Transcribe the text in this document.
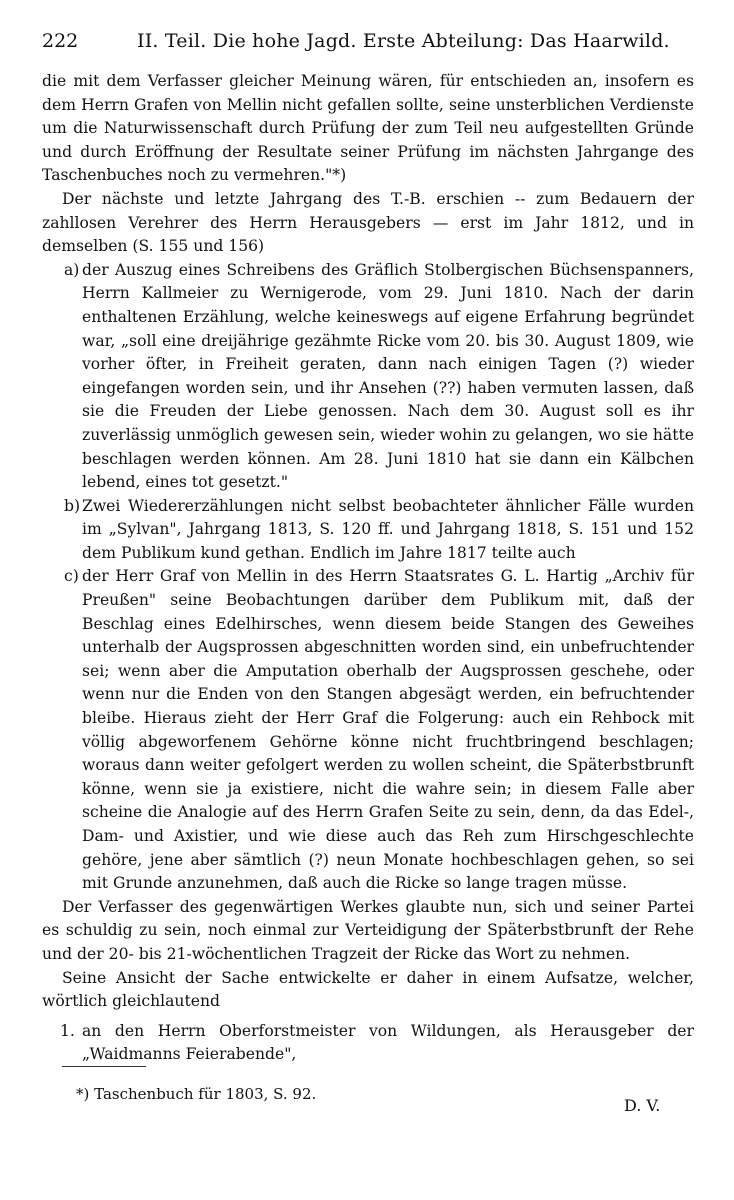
222	II. Teil. Die hohe Jagd. Erste Abteilung: Das Haarwild.

die mit dem Verfasser gleicher Meinung wären, für entschieden an, insofern es dem Herrn Grafen von Mellin nicht gefallen sollte, seine unsterblichen Verdienste um die Naturwissenschaft durch Prüfung der zum Teil neu aufgestellten Gründe und durch Eröffnung der Resultate seiner Prüfung im nächsten Jahrgange des Taschenbuches noch zu vermehren."*)

Der nächste und letzte Jahrgang des T.-B. erschien -- zum Bedauern der zahllosen Verehrer des Herrn Herausgebers — erst im Jahr 1812, und in demselben (S. 155 und 156)

a) der Auszug eines Schreibens des Gräflich Stolbergischen Büchsenspanners, Herrn Kallmeier zu Wernigerode, vom 29. Juni 1810. Nach der darin enthaltenen Erzählung, welche keineswegs auf eigene Erfahrung begründet war, „soll eine dreijährige gezähmte Ricke vom 20. bis 30. August 1809, wie vorher öfter, in Freiheit geraten, dann nach einigen Tagen (?) wieder eingefangen worden sein, und ihr Ansehen (??) haben vermuten lassen, daß sie die Freuden der Liebe genossen. Nach dem 30. August soll es ihr zuverlässig unmöglich gewesen sein, wieder wohin zu gelangen, wo sie hätte beschlagen werden können. Am 28. Juni 1810 hat sie dann ein Kälbchen lebend, eines tot gesetzt."
b) Zwei Wiedererzählungen nicht selbst beobachteter ähnlicher Fälle wurden im „Sylvan", Jahrgang 1813, S. 120 ff. und Jahrgang 1818, S. 151 und 152 dem Publikum kund gethan. Endlich im Jahre 1817 teilte auch
c) der Herr Graf von Mellin in des Herrn Staatsrates G. L. Hartig „Archiv für Preußen" seine Beobachtungen darüber dem Publikum mit, daß der Beschlag eines Edelhirsches, wenn diesem beide Stangen des Geweihes unterhalb der Augsprossen abgeschnitten worden sind, ein unbefruchtender sei; wenn aber die Amputation oberhalb der Augsprossen geschehe, oder wenn nur die Enden von den Stangen abgesägt werden, ein befruchtender bleibe. Hieraus zieht der Herr Graf die Folgerung: auch ein Rehbock mit völlig abgeworfenem Gehörne könne nicht fruchtbringend beschlagen; woraus dann weiter gefolgert werden zu wollen scheint, die Späterbstbrunft könne, wenn sie ja existiere, nicht die wahre sein; in diesem Falle aber scheine die Analogie auf des Herrn Grafen Seite zu sein, denn, da das Edel-, Dam- und Axistier, und wie diese auch das Reh zum Hirschgeschlechte gehöre, jene aber sämtlich (?) neun Monate hochbeschlagen gehen, so sei mit Grunde anzunehmen, daß auch die Ricke so lange tragen müsse.

Der Verfasser des gegenwärtigen Werkes glaubte nun, sich und seiner Partei es schuldig zu sein, noch einmal zur Verteidigung der Späterbstbrunft der Rehe und der 20- bis 21-wöchentlichen Tragzeit der Ricke das Wort zu nehmen.

Seine Ansicht der Sache entwickelte er daher in einem Aufsatze, welcher, wörtlich gleichlautend

1. an den Herrn Oberforstmeister von Wildungen, als Herausgeber der „Waidmanns Feierabende",
*) Taschenbuch für 1803, S. 92.
D. V.
